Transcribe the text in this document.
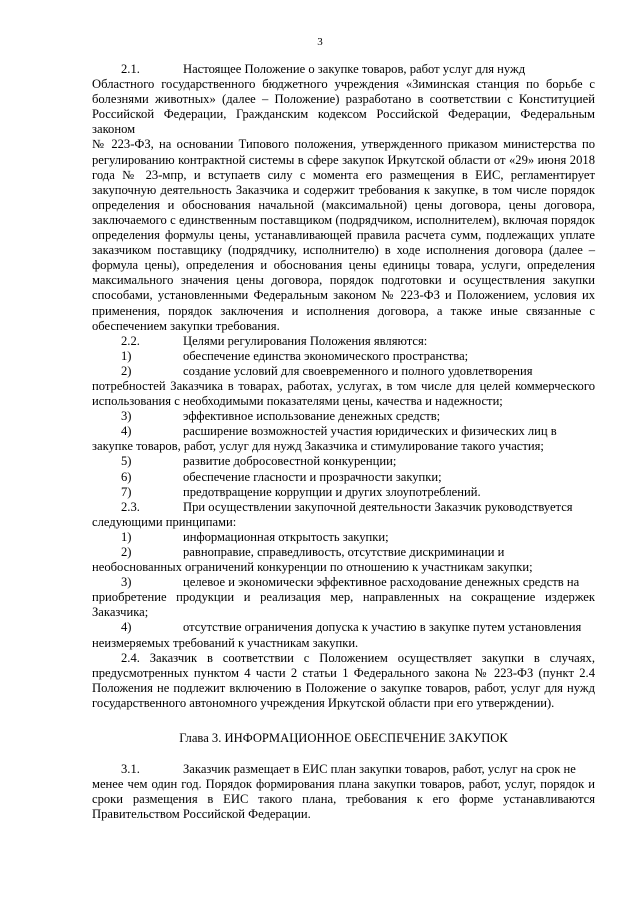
3
2.1.	Настоящее Положение о закупке товаров, работ услуг для нужд

Областного государственного бюджетного учреждения «Зиминская станция по борьбе с болезнями животных» (далее – Положение) разработано в соответствии с Конституцией Российской Федерации, Гражданским кодексом Российской Федерации, Федеральным законом

№ 223-ФЗ, на основании Типового положения, утвержденного приказом министерства по регулированию контрактной системы в сфере закупок Иркутской области от «29» июня 2018 года № 23-мпр, и вступаетв силу с момента его размещения в ЕИС, регламентирует закупочную деятельность Заказчика и содержит требования к закупке, в том числе порядок определения и обоснования начальной (максимальной) цены договора, цены договора, заключаемого с единственным поставщиком (подрядчиком, исполнителем), включая порядок определения формулы цены, устанавливающей правила расчета сумм, подлежащих уплате заказчиком поставщику (подрядчику, исполнителю) в ходе исполнения договора (далее – формула цены), определения и обоснования цены единицы товара, услуги, определения максимального значения цены договора, порядок подготовки и осуществления закупки способами, установленными Федеральным законом № 223-ФЗ и Положением, условия их применения, порядок заключения и исполнения договора, а также иные связанные с обеспечением закупки требования.

2.2.	Целями регулирования Положения являются:
1)	обеспечение единства экономического пространства;
2)	создание условий для своевременного и полного удовлетворения

потребностей Заказчика в товарах, работах, услугах, в том числе для целей коммерческого использования с необходимыми показателями цены, качества и надежности;

3)	эффективное использование денежных средств;
4)	расширение возможностей участия юридических и физических лиц в

закупке товаров, работ, услуг для нужд Заказчика и стимулирование такого участия;

5)	развитие добросовестной конкуренции;
6)	обеспечение гласности и прозрачности закупки;
7)	предотвращение коррупции и других злоупотреблений.
2.3.	При осуществлении закупочной деятельности Заказчик руководствуется

следующими принципами:

1)	информационная открытость закупки;
2)	равноправие, справедливость, отсутствие дискриминации и

необоснованных ограничений конкуренции по отношению к участникам закупки;

3)	целевое и экономически эффективное расходование денежных средств на

приобретение продукции и реализация мер, направленных на сокращение издержек Заказчика;

4)	отсутствие ограничения допуска к участию в закупке путем установления

неизмеряемых требований к участникам закупки.

2.4. Заказчик в соответствии с Положением осуществляет закупки в случаях, предусмотренных пунктом 4 части 2 статьи 1 Федерального закона № 223-ФЗ (пункт 2.4 Положения не подлежит включению в Положение о закупке товаров, работ, услуг для нужд государственного автономного учреждения Иркутской области при его утверждении).

Глава 3. ИНФОРМАЦИОННОЕ ОБЕСПЕЧЕНИЕ ЗАКУПОК
3.1.	Заказчик размещает в ЕИС план закупки товаров, работ, услуг на срок не

менее чем один год. Порядок формирования плана закупки товаров, работ, услуг, порядок и сроки размещения в ЕИС такого плана, требования к его форме устанавливаются Правительством Российской Федерации.
